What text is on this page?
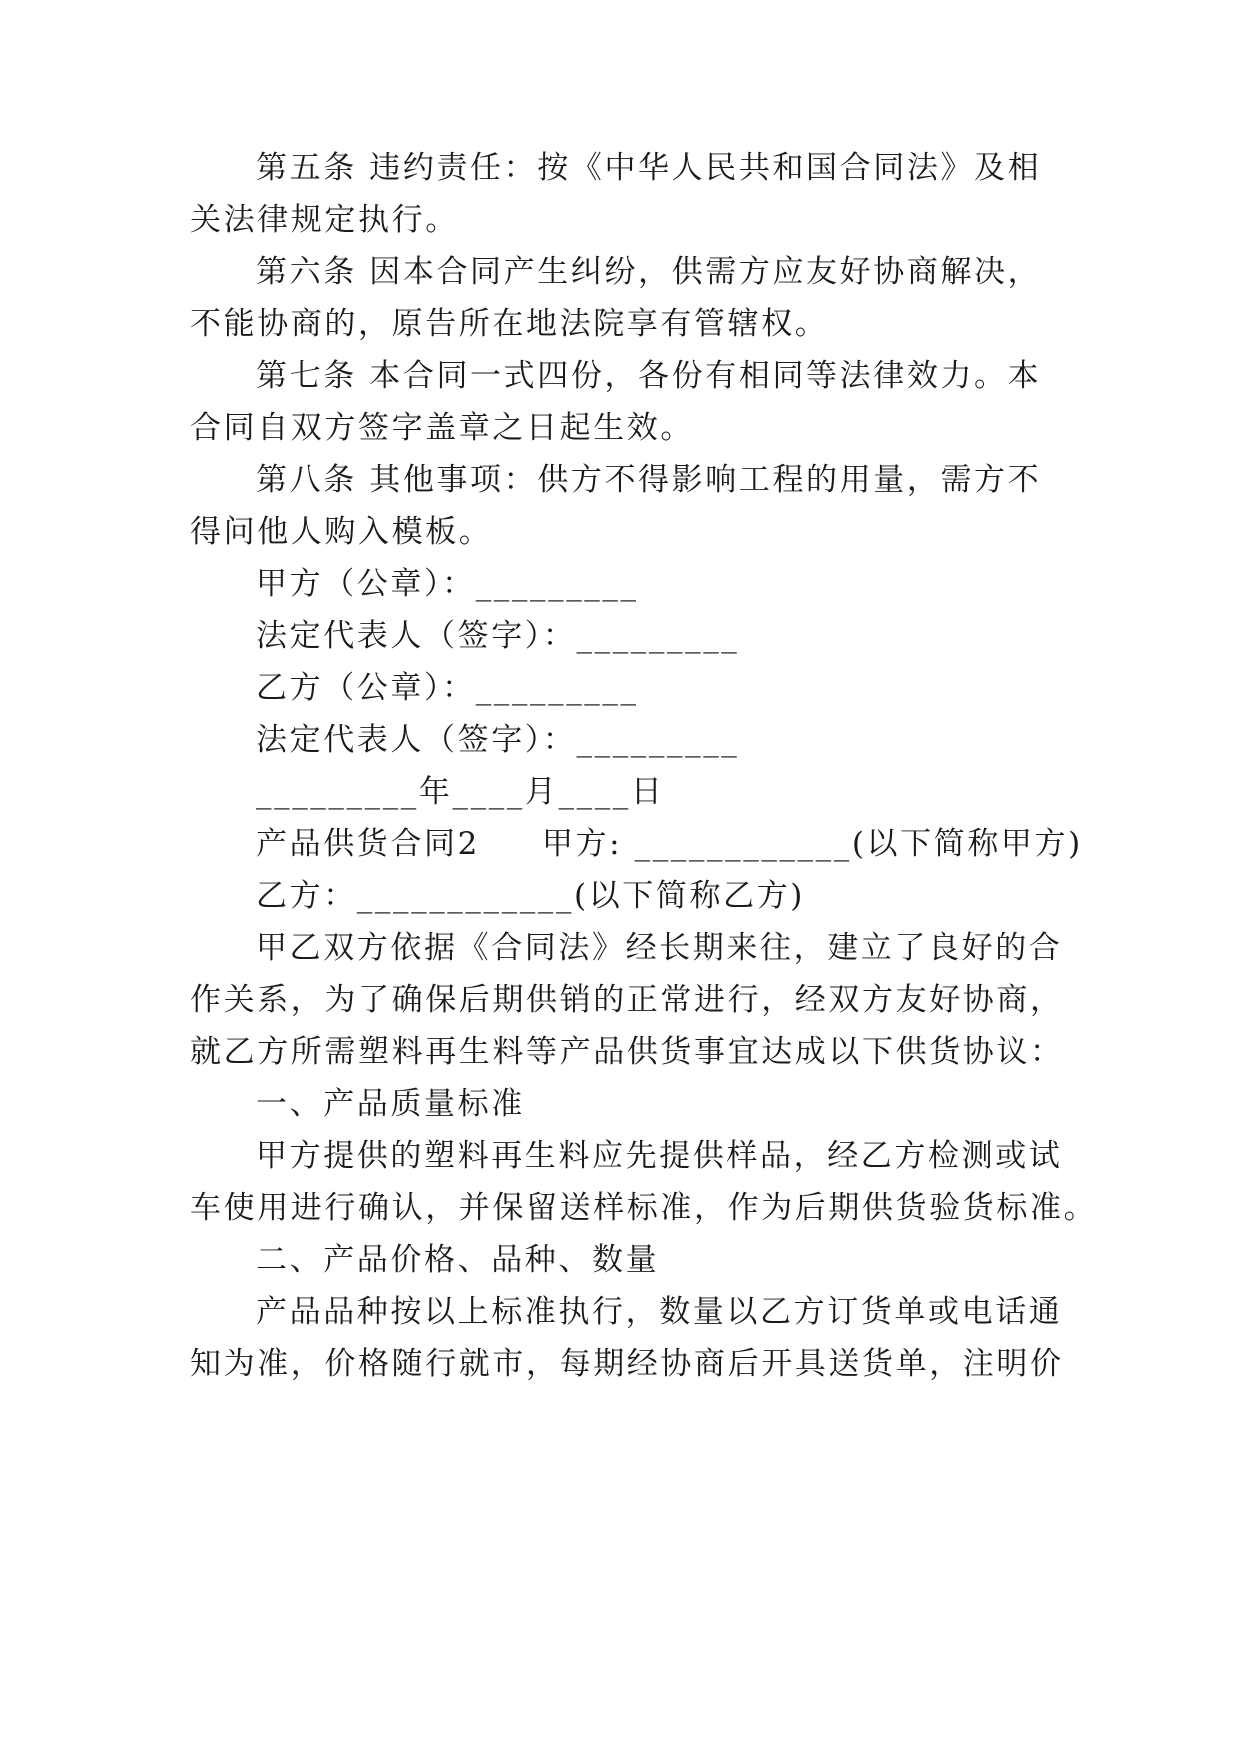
第五条 违约责任：按《中华人民共和国合同法》及相
关法律规定执行。
第六条 因本合同产生纠纷，供需方应友好协商解决，
不能协商的，原告所在地法院享有管辖权。
第七条 本合同一式四份，各份有相同等法律效力。本
合同自双方签字盖章之日起生效。
第八条 其他事项：供方不得影响工程的用量，需方不
得问他人购入模板。
甲方（公章）：_________
法定代表人（签字）：_________
乙方（公章）：_________
法定代表人（签字）：_________
_________年____月____日
产品供货合同2 甲方: ____________(以下简称甲方)
乙方：____________(以下简称乙方)
甲乙双方依据《合同法》经长期来往，建立了良好的合
作关系，为了确保后期供销的正常进行，经双方友好协商，
就乙方所需塑料再生料等产品供货事宜达成以下供货协议：
一、产品质量标准
甲方提供的塑料再生料应先提供样品，经乙方检测或试
车使用进行确认，并保留送样标准，作为后期供货验货标准。
二、产品价格、品种、数量
产品品种按以上标准执行，数量以乙方订货单或电话通
知为准，价格随行就市，每期经协商后开具送货单，注明价
